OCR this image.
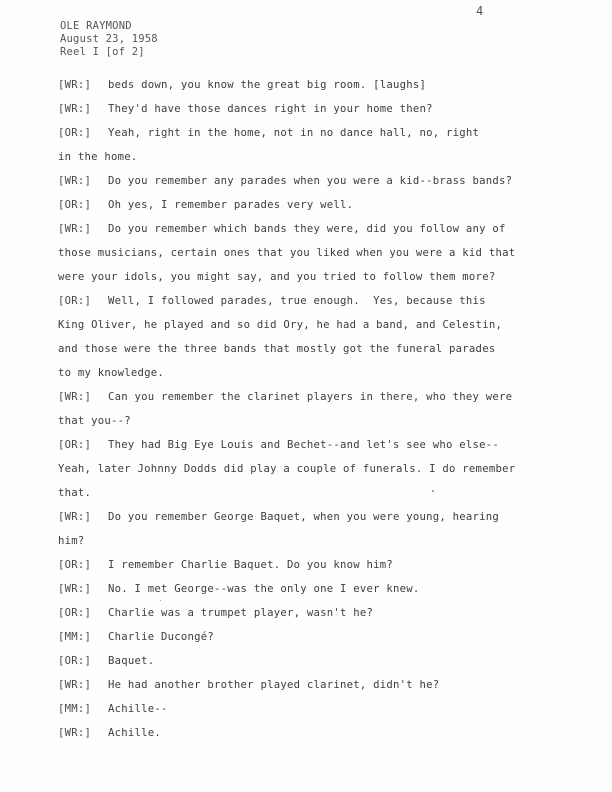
4
OLE RAYMOND
August 23, 1958
Reel I [of 2]
[WR:] beds down, you know the great big room. [laughs]
[WR:] They'd have those dances right in your home then?
[OR:] Yeah, right in the home, not in no dance hall, no, right
in the home.
[WR:] Do you remember any parades when you were a kid--brass bands?
[OR:] Oh yes, I remember parades very well.
[WR:] Do you remember which bands they were, did you follow any of
those musicians, certain ones that you liked when you were a kid that
were your idols, you might say, and you tried to follow them more?
[OR:] Well, I followed parades, true enough.  Yes, because this
King Oliver, he played and so did Ory, he had a band, and Celestin,
and those were the three bands that mostly got the funeral parades
to my knowledge.
[WR:] Can you remember the clarinet players in there, who they were
that you--?
[OR:] They had Big Eye Louis and Bechet--and let's see who else--
Yeah, later Johnny Dodds did play a couple of funerals. I do remember
that.
[WR:] Do you remember George Baquet, when you were young, hearing
him?
[OR:] I remember Charlie Baquet. Do you know him?
[WR:] No. I met George--was the only one I ever knew.
[OR:] Charlie was a trumpet player, wasn't he?
[MM:] Charlie Ducongé?
[OR:] Baquet.
[WR:] He had another brother played clarinet, didn't he?
[MM:] Achille--
[WR:] Achille.
